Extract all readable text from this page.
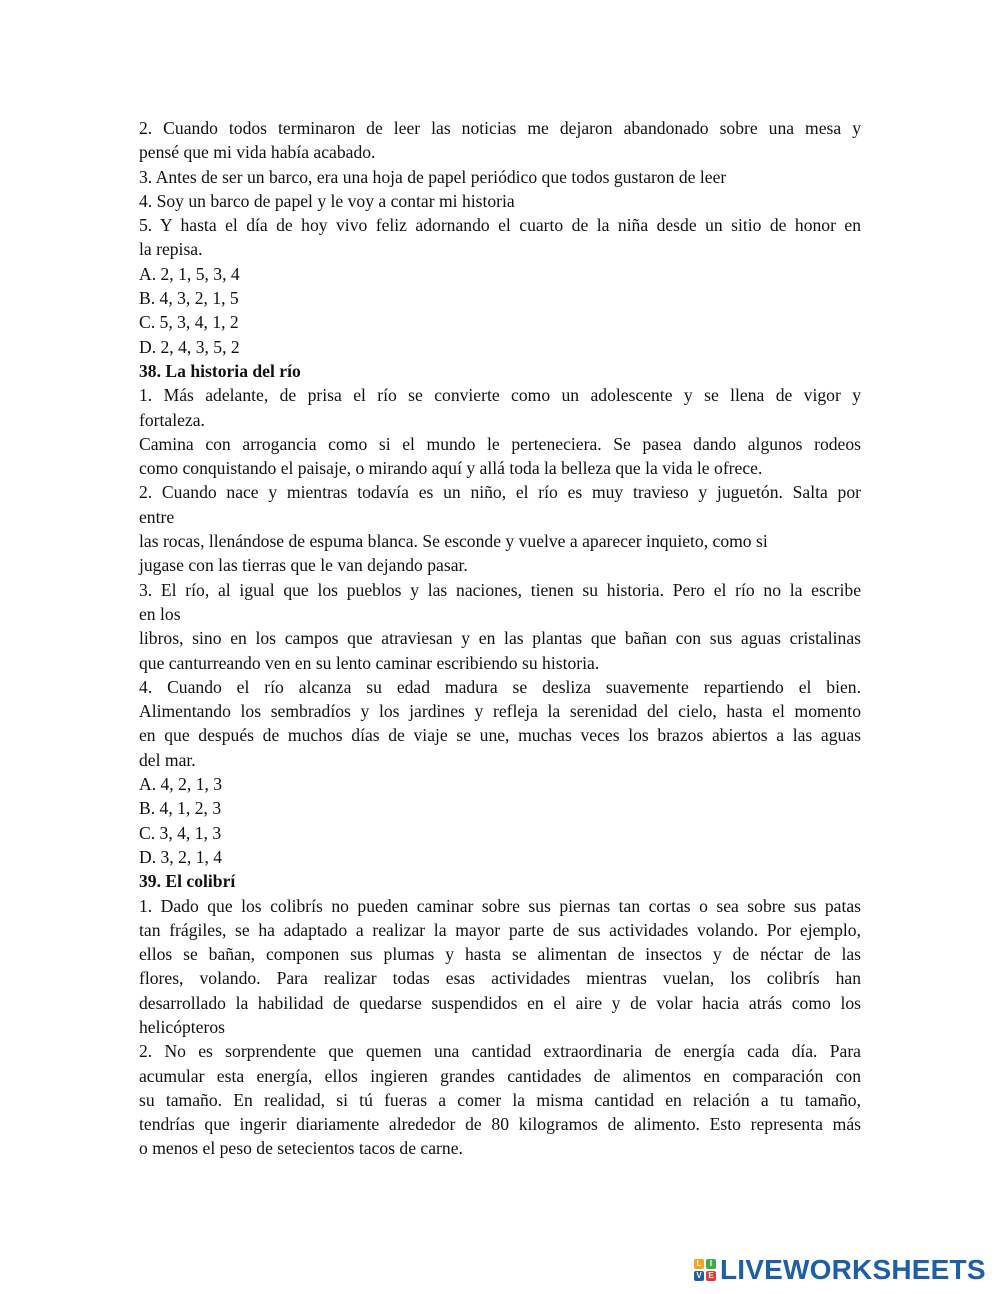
2. Cuando todos terminaron de leer las noticias me dejaron abandonado sobre una mesa y

pensé que mi vida había acabado.

3. Antes de ser un barco, era una hoja de papel periódico que todos gustaron de leer

4. Soy un barco de papel y le voy a contar mi historia

5. Y hasta el día de hoy vivo feliz adornando el cuarto de la niña desde un sitio de honor en

la repisa.

A. 2, 1, 5, 3, 4

B. 4, 3, 2, 1, 5

C. 5, 3, 4, 1, 2

D. 2, 4, 3, 5, 2

38. La historia del río

1. Más adelante, de prisa el río se convierte como un adolescente y se llena de vigor y

fortaleza.

Camina con arrogancia como si el mundo le perteneciera. Se pasea dando algunos rodeos

como conquistando el paisaje, o mirando aquí y allá toda la belleza que la vida le ofrece.

2. Cuando nace y mientras todavía es un niño, el río es muy travieso y juguetón. Salta por

entre

las rocas, llenándose de espuma blanca. Se esconde y vuelve a aparecer inquieto, como si

jugase con las tierras que le van dejando pasar.

3. El río, al igual que los pueblos y las naciones, tienen su historia. Pero el río no la escribe

en los

libros, sino en los campos que atraviesan y en las plantas que bañan con sus aguas cristalinas

que canturreando ven en su lento caminar escribiendo su historia.

4. Cuando el río alcanza su edad madura se desliza suavemente repartiendo el bien.

Alimentando los sembradíos y los jardines y refleja la serenidad del cielo, hasta el momento

en que después de muchos días de viaje se une, muchas veces los brazos abiertos a las aguas

del mar.

A. 4, 2, 1, 3

B. 4, 1, 2, 3

C. 3, 4, 1, 3

D. 3, 2, 1, 4

39. El colibrí

1. Dado que los colibrís no pueden caminar sobre sus piernas tan cortas o sea sobre sus patas

tan frágiles, se ha adaptado a realizar la mayor parte de sus actividades volando. Por ejemplo,

ellos se bañan, componen sus plumas y hasta se alimentan de insectos y de néctar de las

flores, volando. Para realizar todas esas actividades mientras vuelan, los colibrís han

desarrollado la habilidad de quedarse suspendidos en el aire y de volar hacia atrás como los

helicópteros

2. No es sorprendente que quemen una cantidad extraordinaria de energía cada día. Para

acumular esta energía, ellos ingieren grandes cantidades de alimentos en comparación con

su tamaño. En realidad, si tú fueras a comer la misma cantidad en relación a tu tamaño,

tendrías que ingerir diariamente alrededor de 80 kilogramos de alimento. Esto representa más

o menos el peso de setecientos tacos de carne.

L	I
V E LIVEWORKSHEETS
